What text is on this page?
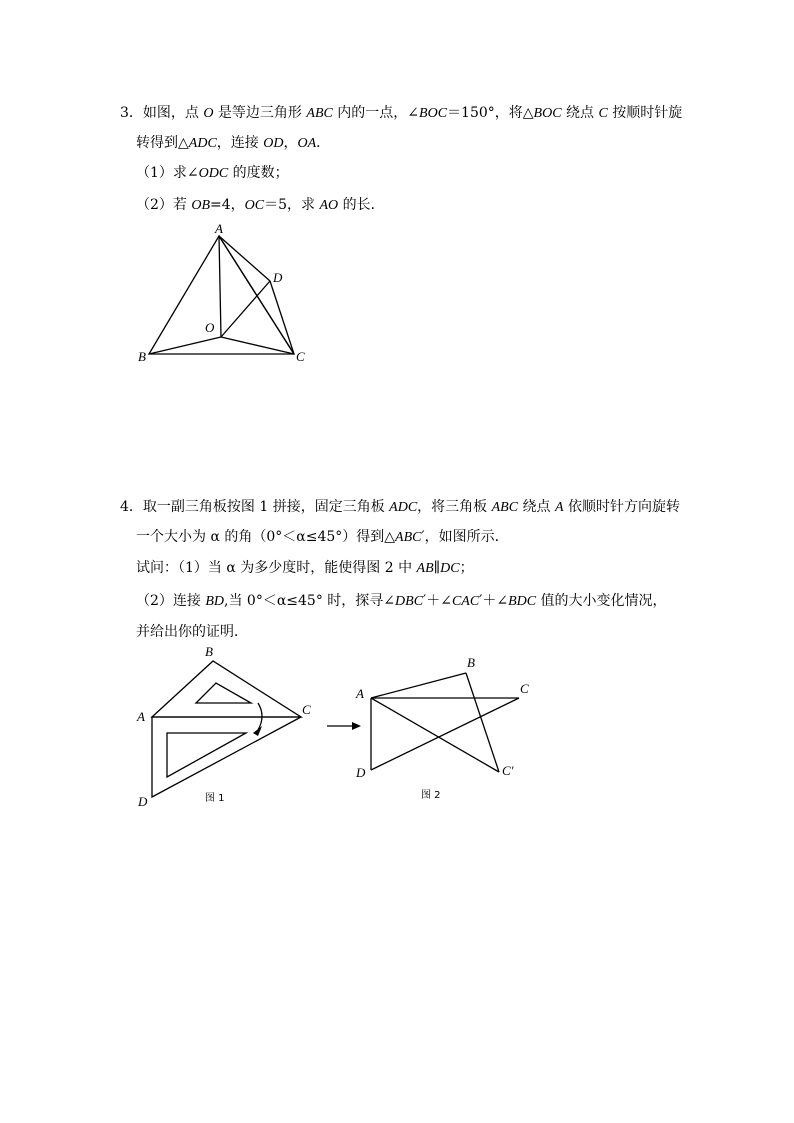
3．如图，点 O 是等边三角形 ABC 内的一点，∠BOC＝150°，将△BOC 绕点 C 按顺时针旋
转得到△ADC，连接 OD，OA．
（1）求∠ODC 的度数；
（2）若 OB=4，OC＝5，求 AO 的长．
A
B	C
D
O
4．取一副三角板按图 1 拼接，固定三角板 ADC，将三角板 ABC 绕点 A 依顺时针方向旋转
一个大小为 α 的角（0°＜α≤45°）得到△ABC′，如图所示．
试问：（1）当 α 为多少度时，能使得图 2 中 AB∥DC；
（2）连接 BD,当 0°＜α≤45° 时，探寻∠DBC′＋∠CAC′＋∠BDC 值的大小变化情况，
并给出你的证明．
A
B
C
D	图 1
A
B
C
D	C′
图 2
